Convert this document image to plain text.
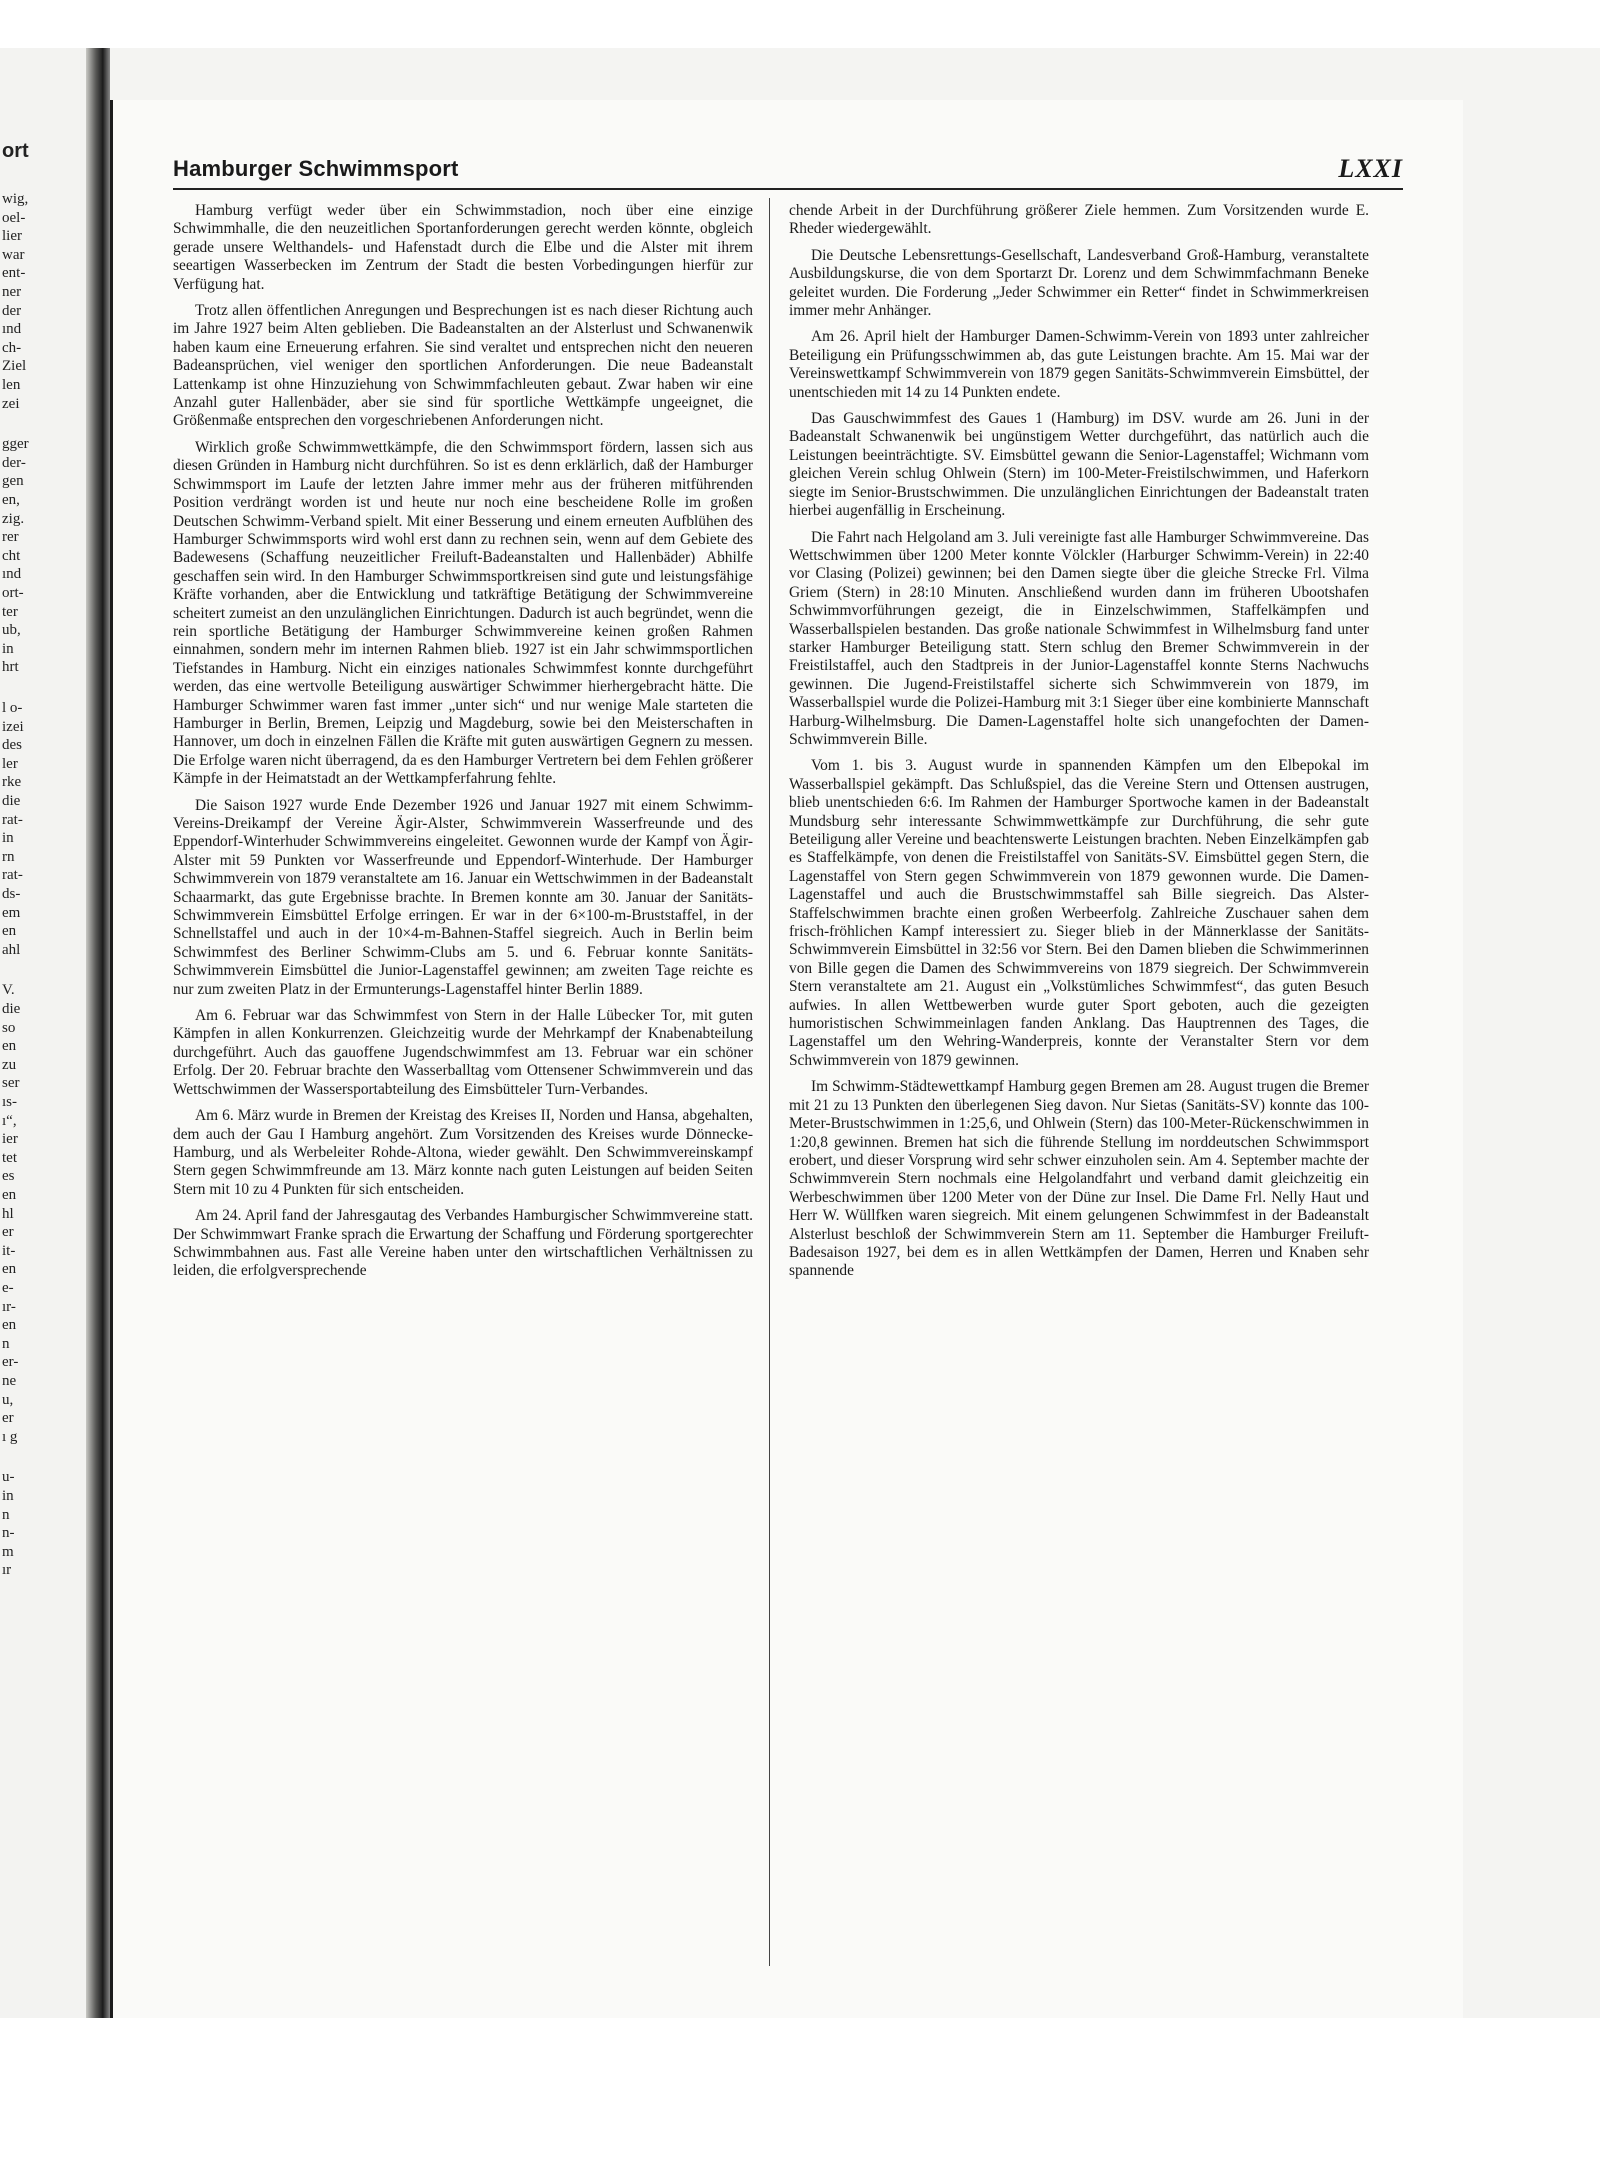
ort
wig,
oel-
lier
war
ent-
ner
der
ınd
ch-
Ziel
len
zei
gger
der-
gen
en,
zig.
rer
cht
ınd
ort-
ter
ub,
in
hrt
l o-
izei
des
ler
rke
die
rat-
in
rn
rat-
ds-
em
en
ahl
V.
die
so
en
zu
ser
ıs-
ı“,
ier
tet
es
en
hl
er
it-
en
e-
ır-
en
n
er-
ne
u,
er
ı g
u-
in
n
n-
m
ır
Hamburger Schwimmsport	LXXI

Hamburg verfügt weder über ein Schwimmstadion, noch über eine einzige Schwimmhalle, die den neuzeitlichen Sportanforderungen gerecht werden könnte, obgleich gerade unsere Welthandels- und Hafenstadt durch die Elbe und die Alster mit ihrem seeartigen Wasserbecken im Zentrum der Stadt die besten Vorbedingungen hierfür zur Verfügung hat.

Trotz allen öffentlichen Anregungen und Besprechungen ist es nach dieser Richtung auch im Jahre 1927 beim Alten geblieben. Die Badeanstalten an der Alsterlust und Schwanenwik haben kaum eine Erneuerung erfahren. Sie sind veraltet und entsprechen nicht den neueren Badeansprüchen, viel weniger den sportlichen Anforderungen. Die neue Badeanstalt Lattenkamp ist ohne Hinzuziehung von Schwimmfachleuten gebaut. Zwar haben wir eine Anzahl guter Hallenbäder, aber sie sind für sportliche Wettkämpfe ungeeignet, die Größenmaße entsprechen den vorgeschriebenen Anforderungen nicht.

Wirklich große Schwimmwettkämpfe, die den Schwimmsport fördern, lassen sich aus diesen Gründen in Hamburg nicht durchführen. So ist es denn erklärlich, daß der Hamburger Schwimmsport im Laufe der letzten Jahre immer mehr aus der früheren mitführenden Position verdrängt worden ist und heute nur noch eine bescheidene Rolle im großen Deutschen Schwimm-Verband spielt. Mit einer Besserung und einem erneuten Aufblühen des Hamburger Schwimmsports wird wohl erst dann zu rechnen sein, wenn auf dem Gebiete des Badewesens (Schaffung neuzeitlicher Freiluft-Badeanstalten und Hallenbäder) Abhilfe geschaffen sein wird. In den Hamburger Schwimmsportkreisen sind gute und leistungsfähige Kräfte vorhanden, aber die Entwicklung und tatkräftige Betätigung der Schwimmvereine scheitert zumeist an den unzulänglichen Einrichtungen. Dadurch ist auch begründet, wenn die rein sportliche Betätigung der Hamburger Schwimmvereine keinen großen Rahmen einnahmen, sondern mehr im internen Rahmen blieb. 1927 ist ein Jahr schwimmsportlichen Tiefstandes in Hamburg. Nicht ein einziges nationales Schwimmfest konnte durchgeführt werden, das eine wertvolle Beteiligung auswärtiger Schwimmer hierhergebracht hätte. Die Hamburger Schwimmer waren fast immer „unter sich“ und nur wenige Male starteten die Hamburger in Berlin, Bremen, Leipzig und Magdeburg, sowie bei den Meisterschaften in Hannover, um doch in einzelnen Fällen die Kräfte mit guten auswärtigen Gegnern zu messen. Die Erfolge waren nicht überragend, da es den Hamburger Vertretern bei dem Fehlen größerer Kämpfe in der Heimatstadt an der Wettkampferfahrung fehlte.

Die Saison 1927 wurde Ende Dezember 1926 und Januar 1927 mit einem Schwimm-Vereins-Dreikampf der Vereine Ägir-Alster, Schwimmverein Wasserfreunde und des Eppendorf-Winterhuder Schwimmvereins eingeleitet. Gewonnen wurde der Kampf von Ägir-Alster mit 59 Punkten vor Wasserfreunde und Eppendorf-Winterhude. Der Hamburger Schwimmverein von 1879 veranstaltete am 16. Januar ein Wettschwimmen in der Badeanstalt Schaarmarkt, das gute Ergebnisse brachte. In Bremen konnte am 30. Januar der Sanitäts-Schwimmverein Eimsbüttel Erfolge erringen. Er war in der 6×100-m-Bruststaffel, in der Schnellstaffel und auch in der 10×4-m-Bahnen-Staffel siegreich. Auch in Berlin beim Schwimmfest des Berliner Schwimm-Clubs am 5. und 6. Februar konnte Sanitäts-Schwimmverein Eimsbüttel die Junior-Lagenstaffel gewinnen; am zweiten Tage reichte es nur zum zweiten Platz in der Ermunterungs-Lagenstaffel hinter Berlin 1889.

Am 6. Februar war das Schwimmfest von Stern in der Halle Lübecker Tor, mit guten Kämpfen in allen Konkurrenzen. Gleichzeitig wurde der Mehrkampf der Knabenabteilung durchgeführt. Auch das gauoffene Jugendschwimmfest am 13. Februar war ein schöner Erfolg. Der 20. Februar brachte den Wasserballtag vom Ottensener Schwimmverein und das Wettschwimmen der Wassersportabteilung des Eimsbütteler Turn-Verbandes.

Am 6. März wurde in Bremen der Kreistag des Kreises II, Norden und Hansa, abgehalten, dem auch der Gau I Hamburg angehört. Zum Vorsitzenden des Kreises wurde Dönnecke-Hamburg, und als Werbeleiter Rohde-Altona, wieder gewählt. Den Schwimmvereinskampf Stern gegen Schwimmfreunde am 13. März konnte nach guten Leistungen auf beiden Seiten Stern mit 10 zu 4 Punkten für sich entscheiden.

Am 24. April fand der Jahresgautag des Verbandes Hamburgischer Schwimmvereine statt. Der Schwimmwart Franke sprach die Erwartung der Schaffung und Förderung sportgerechter Schwimmbahnen aus. Fast alle Vereine haben unter den wirtschaftlichen Verhältnissen zu leiden, die erfolgversprechende

chende Arbeit in der Durchführung größerer Ziele hemmen. Zum Vorsitzenden wurde E. Rheder wiedergewählt.

Die Deutsche Lebensrettungs-Gesellschaft, Landesverband Groß-Hamburg, veranstaltete Ausbildungskurse, die von dem Sportarzt Dr. Lorenz und dem Schwimmfachmann Beneke geleitet wurden. Die Forderung „Jeder Schwimmer ein Retter“ findet in Schwimmerkreisen immer mehr Anhänger.

Am 26. April hielt der Hamburger Damen-Schwimm-Verein von 1893 unter zahlreicher Beteiligung ein Prüfungsschwimmen ab, das gute Leistungen brachte. Am 15. Mai war der Vereinswettkampf Schwimmverein von 1879 gegen Sanitäts-Schwimmverein Eimsbüttel, der unentschieden mit 14 zu 14 Punkten endete.

Das Gauschwimmfest des Gaues 1 (Hamburg) im DSV. wurde am 26. Juni in der Badeanstalt Schwanenwik bei ungünstigem Wetter durchgeführt, das natürlich auch die Leistungen beeinträchtigte. SV. Eimsbüttel gewann die Senior-Lagenstaffel; Wichmann vom gleichen Verein schlug Ohlwein (Stern) im 100-Meter-Freistilschwimmen, und Haferkorn siegte im Senior-Brustschwimmen. Die unzulänglichen Einrichtungen der Badeanstalt traten hierbei augenfällig in Erscheinung.

Die Fahrt nach Helgoland am 3. Juli vereinigte fast alle Hamburger Schwimmvereine. Das Wettschwimmen über 1200 Meter konnte Völckler (Harburger Schwimm-Verein) in 22:40 vor Clasing (Polizei) gewinnen; bei den Damen siegte über die gleiche Strecke Frl. Vilma Griem (Stern) in 28:10 Minuten. Anschließend wurden dann im früheren Ubootshafen Schwimmvorführungen gezeigt, die in Einzelschwimmen, Staffelkämpfen und Wasserballspielen bestanden. Das große nationale Schwimmfest in Wilhelmsburg fand unter starker Hamburger Beteiligung statt. Stern schlug den Bremer Schwimmverein in der Freistilstaffel, auch den Stadtpreis in der Junior-Lagenstaffel konnte Sterns Nachwuchs gewinnen. Die Jugend-Freistilstaffel sicherte sich Schwimmverein von 1879, im Wasserballspiel wurde die Polizei-Hamburg mit 3:1 Sieger über eine kombinierte Mannschaft Harburg-Wilhelmsburg. Die Damen-Lagenstaffel holte sich unangefochten der Damen-Schwimmverein Bille.

Vom 1. bis 3. August wurde in spannenden Kämpfen um den Elbepokal im Wasserballspiel gekämpft. Das Schlußspiel, das die Vereine Stern und Ottensen austrugen, blieb unentschieden 6:6. Im Rahmen der Hamburger Sportwoche kamen in der Badeanstalt Mundsburg sehr interessante Schwimmwettkämpfe zur Durchführung, die sehr gute Beteiligung aller Vereine und beachtenswerte Leistungen brachten. Neben Einzelkämpfen gab es Staffelkämpfe, von denen die Freistilstaffel von Sanitäts-SV. Eimsbüttel gegen Stern, die Lagenstaffel von Stern gegen Schwimmverein von 1879 gewonnen wurde. Die Damen-Lagenstaffel und auch die Brustschwimmstaffel sah Bille siegreich. Das Alster-Staffelschwimmen brachte einen großen Werbeerfolg. Zahlreiche Zuschauer sahen dem frisch-fröhlichen Kampf interessiert zu. Sieger blieb in der Männerklasse der Sanitäts-Schwimmverein Eimsbüttel in 32:56 vor Stern. Bei den Damen blieben die Schwimmerinnen von Bille gegen die Damen des Schwimmvereins von 1879 siegreich. Der Schwimmverein Stern veranstaltete am 21. August ein „Volkstümliches Schwimmfest“, das guten Besuch aufwies. In allen Wettbewerben wurde guter Sport geboten, auch die gezeigten humoristischen Schwimmeinlagen fanden Anklang. Das Hauptrennen des Tages, die Lagenstaffel um den Wehring-Wanderpreis, konnte der Veranstalter Stern vor dem Schwimmverein von 1879 gewinnen.

Im Schwimm-Städtewettkampf Hamburg gegen Bremen am 28. August trugen die Bremer mit 21 zu 13 Punkten den überlegenen Sieg davon. Nur Sietas (Sanitäts-SV) konnte das 100-Meter-Brustschwimmen in 1:25,6, und Ohlwein (Stern) das 100-Meter-Rückenschwimmen in 1:20,8 gewinnen. Bremen hat sich die führende Stellung im norddeutschen Schwimmsport erobert, und dieser Vorsprung wird sehr schwer einzuholen sein. Am 4. September machte der Schwimmverein Stern nochmals eine Helgolandfahrt und verband damit gleichzeitig ein Werbeschwimmen über 1200 Meter von der Düne zur Insel. Die Dame Frl. Nelly Haut und Herr W. Wüllfken waren siegreich. Mit einem gelungenen Schwimmfest in der Badeanstalt Alsterlust beschloß der Schwimmverein Stern am 11. September die Hamburger Freiluft-Badesaison 1927, bei dem es in allen Wettkämpfen der Damen, Herren und Knaben sehr spannende
